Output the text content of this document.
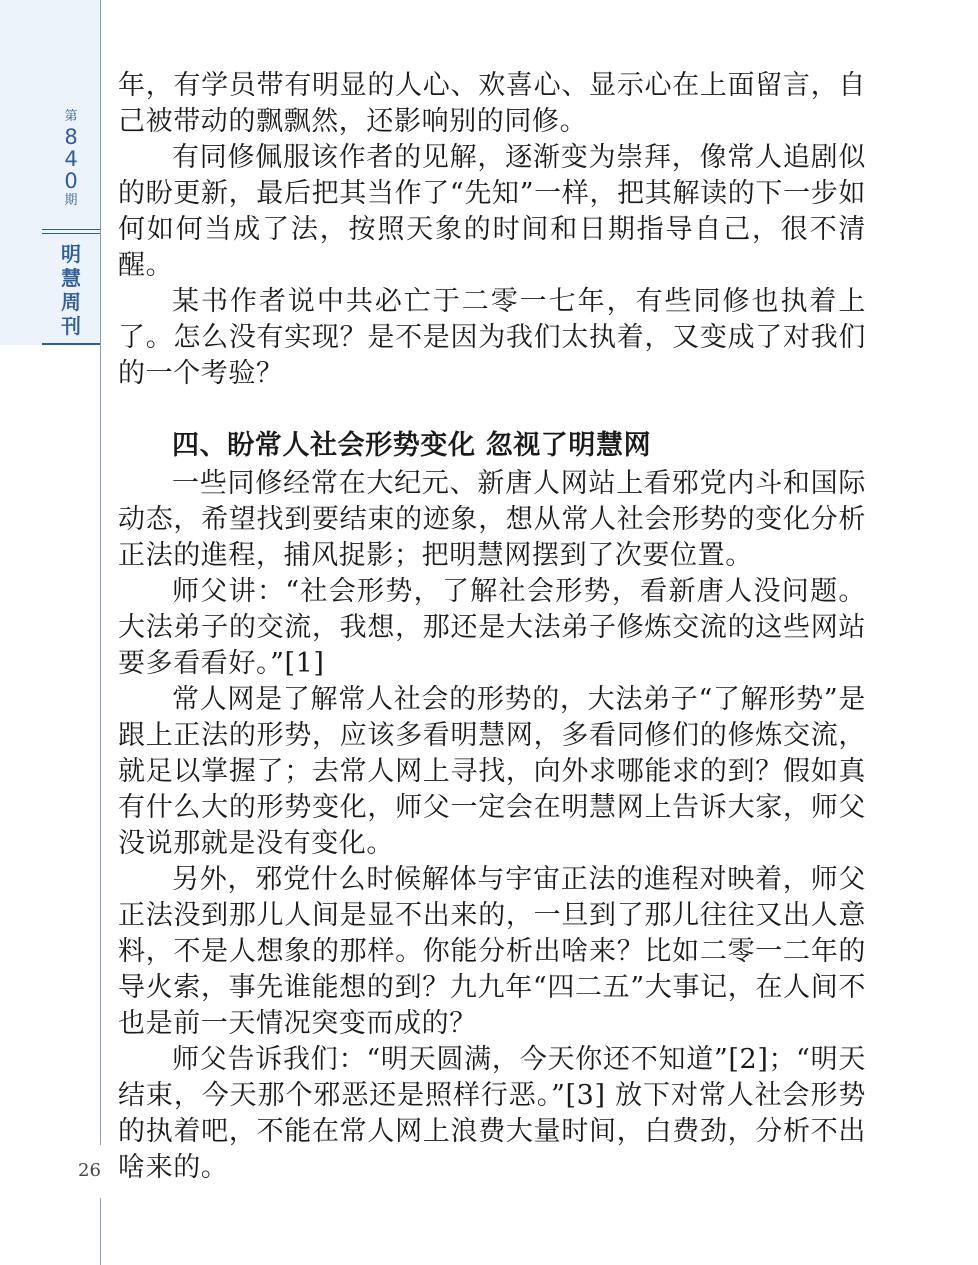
第
8
4
0
期
明
慧
周
刊
26

年，有学员带有明显的人心、欢喜心、显示心在上面留言，自己被带动的飘飘然，还影响别的同修。

有同修佩服该作者的见解，逐渐变为崇拜，像常人追剧似的盼更新，最后把其当作了“先知”一样，把其解读的下一步如何如何当成了法，按照天象的时间和日期指导自己，很不清醒。

某书作者说中共必亡于二零一七年，有些同修也执着上了。怎么没有实现？是不是因为我们太执着，又变成了对我们的一个考验？

四、盼常人社会形势变化 忽视了明慧网

一些同修经常在大纪元、新唐人网站上看邪党内斗和国际动态，希望找到要结束的迹象，想从常人社会形势的变化分析正法的進程，捕风捉影；把明慧网摆到了次要位置。

师父讲：“社会形势，了解社会形势，看新唐人没问题。大法弟子的交流，我想，那还是大法弟子修炼交流的这些网站要多看看好。”[1]

常人网是了解常人社会的形势的，大法弟子“了解形势”是跟上正法的形势，应该多看明慧网，多看同修们的修炼交流，就足以掌握了；去常人网上寻找，向外求哪能求的到？假如真有什么大的形势变化，师父一定会在明慧网上告诉大家，师父没说那就是没有变化。

另外，邪党什么时候解体与宇宙正法的進程对映着，师父正法没到那儿人间是显不出来的，一旦到了那儿往往又出人意料，不是人想象的那样。你能分析出啥来？比如二零一二年的导火索，事先谁能想的到？九九年“四二五”大事记，在人间不也是前一天情况突变而成的？

师父告诉我们：“明天圆满，今天你还不知道”[2]；“明天结束，今天那个邪恶还是照样行恶。”[3] 放下对常人社会形势的执着吧，不能在常人网上浪费大量时间，白费劲，分析不出啥来的。
